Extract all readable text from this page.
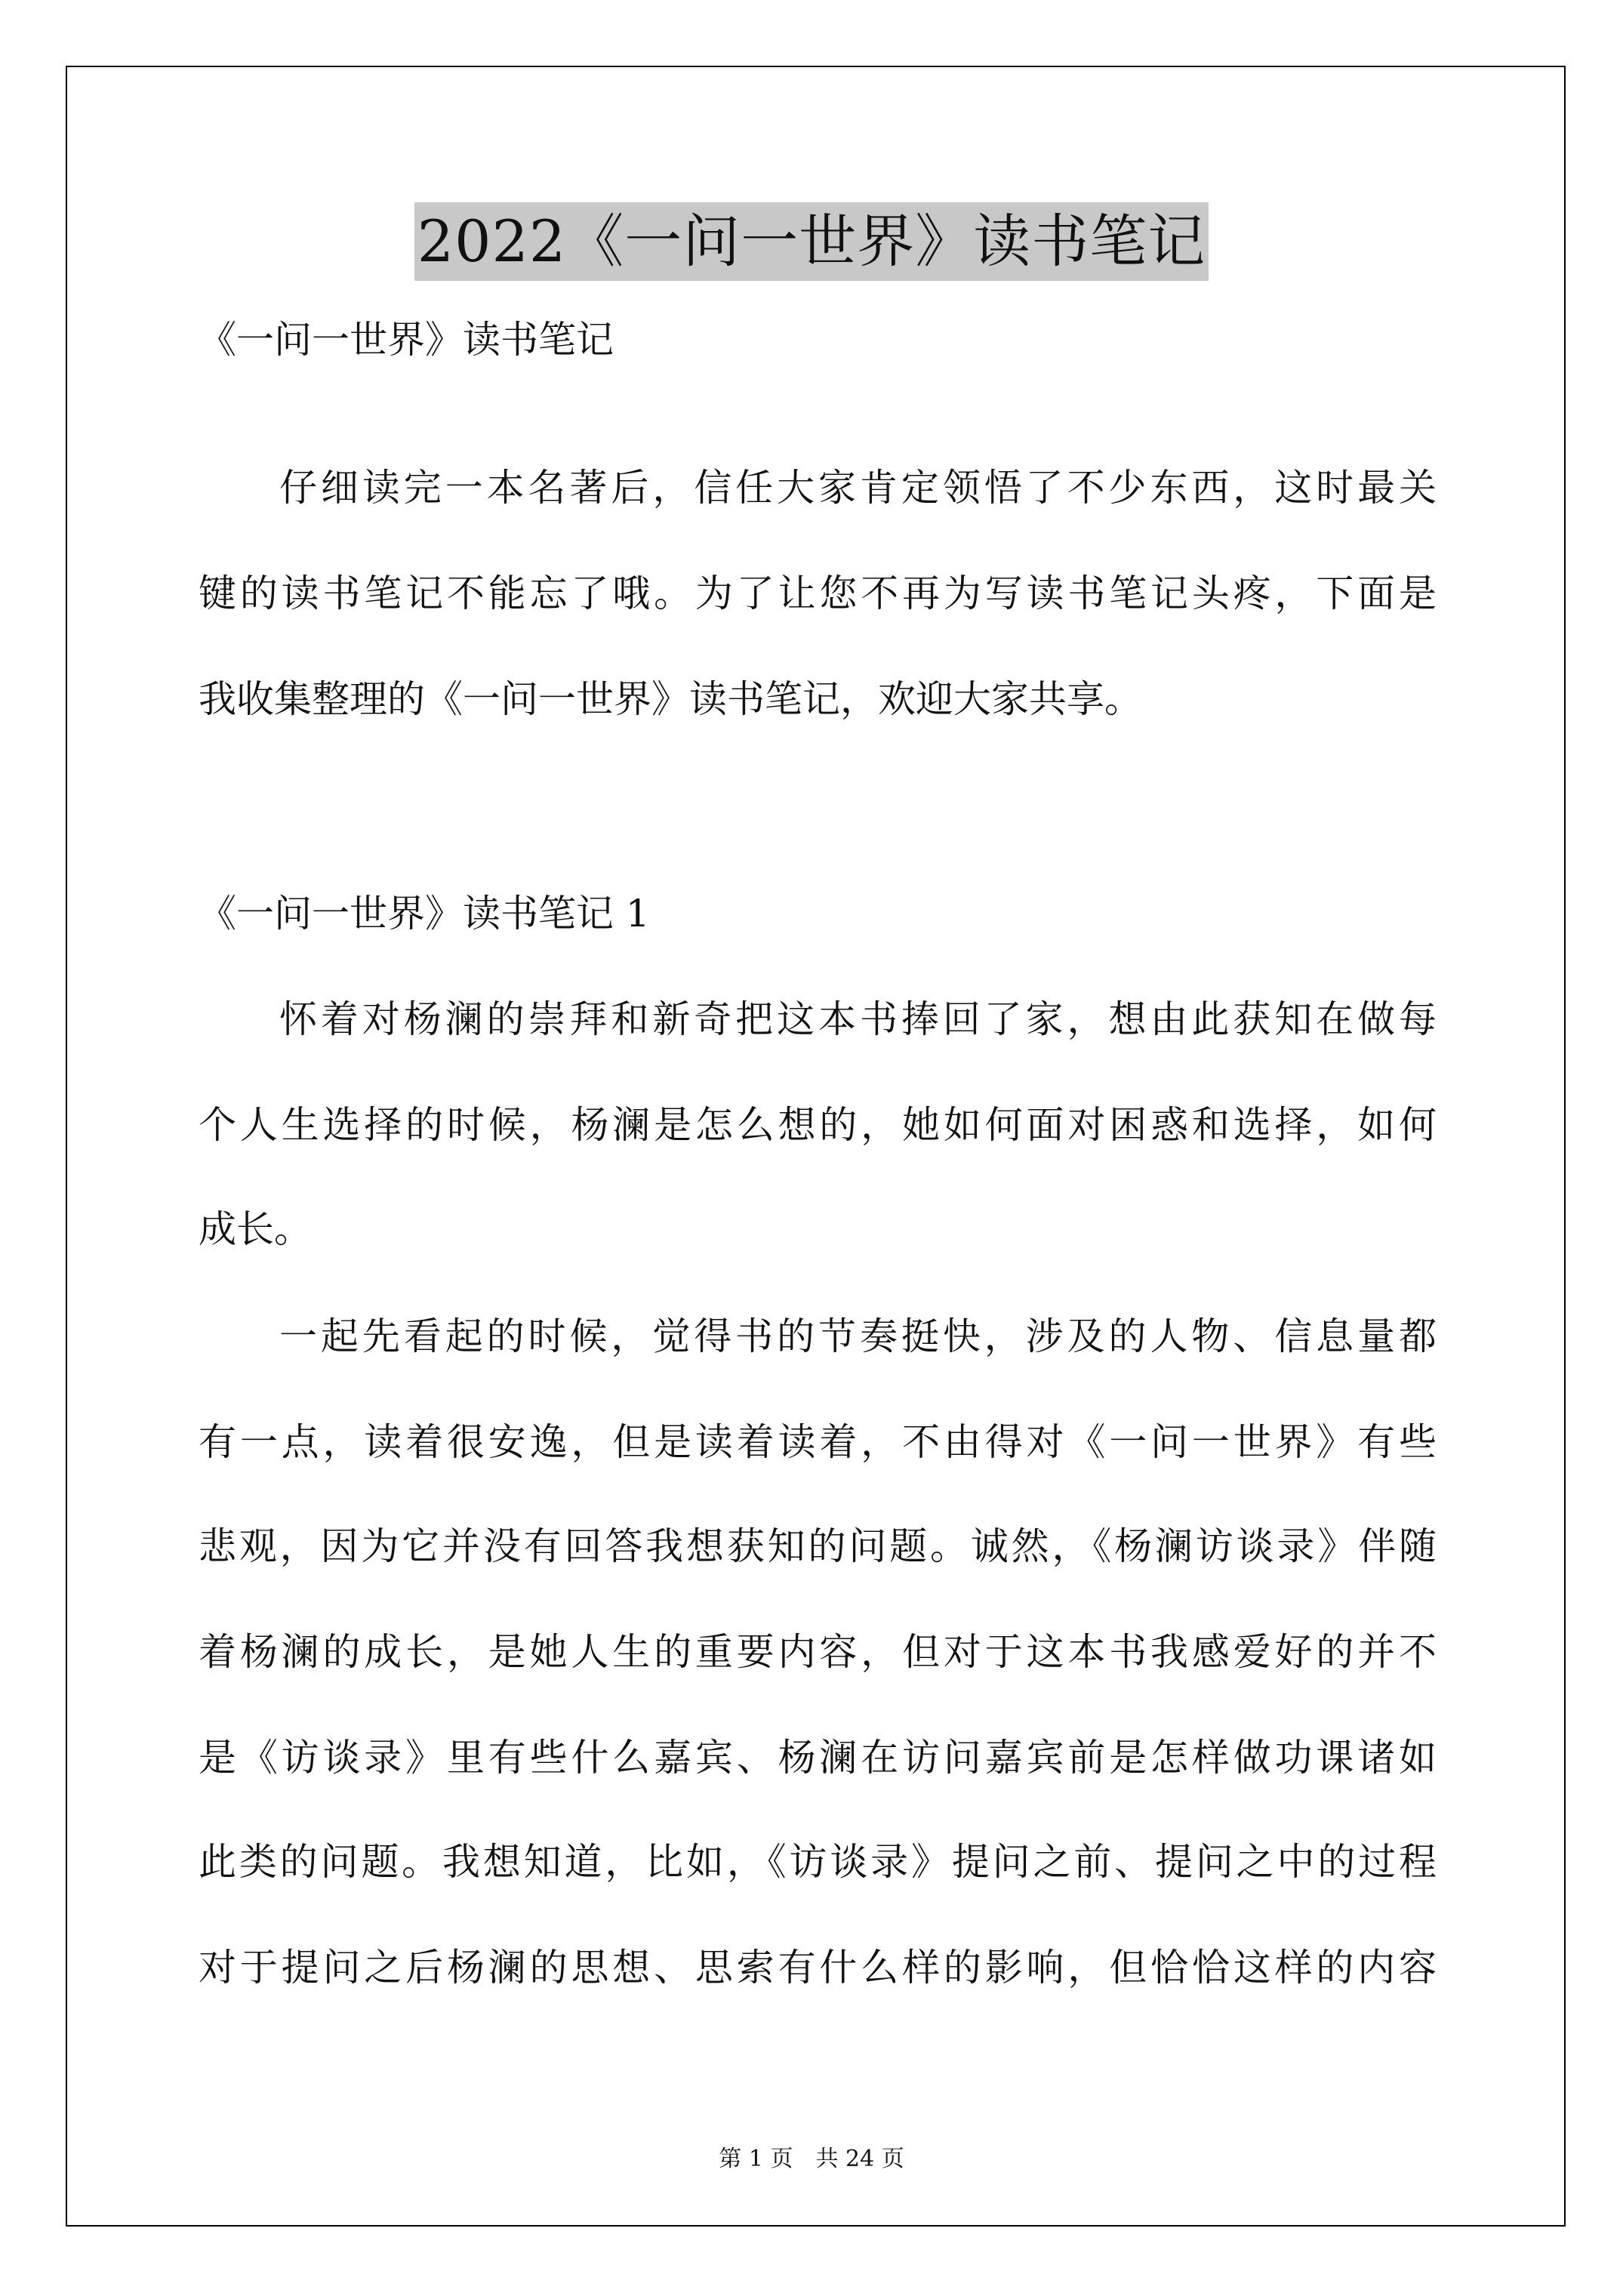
2022《一问一世界》读书笔记

《一问一世界》读书笔记

仔细读完一本名著后，信任大家肯定领悟了不少东西，这时最关

键的读书笔记不能忘了哦。为了让您不再为写读书笔记头疼，下面是

我收集整理的《一问一世界》读书笔记，欢迎大家共享。

《一问一世界》读书笔记 1

怀着对杨澜的崇拜和新奇把这本书捧回了家，想由此获知在做每

个人生选择的时候，杨澜是怎么想的，她如何面对困惑和选择，如何

成长。

一起先看起的时候，觉得书的节奏挺快，涉及的人物、信息量都

有一点，读着很安逸，但是读着读着，不由得对《一问一世界》有些

悲观，因为它并没有回答我想获知的问题。诚然，《杨澜访谈录》伴随

着杨澜的成长，是她人生的重要内容，但对于这本书我感爱好的并不

是《访谈录》里有些什么嘉宾、杨澜在访问嘉宾前是怎样做功课诸如

此类的问题。我想知道，比如，《访谈录》提问之前、提问之中的过程

对于提问之后杨澜的思想、思索有什么样的影响，但恰恰这样的内容

第 1 页 共 24 页
